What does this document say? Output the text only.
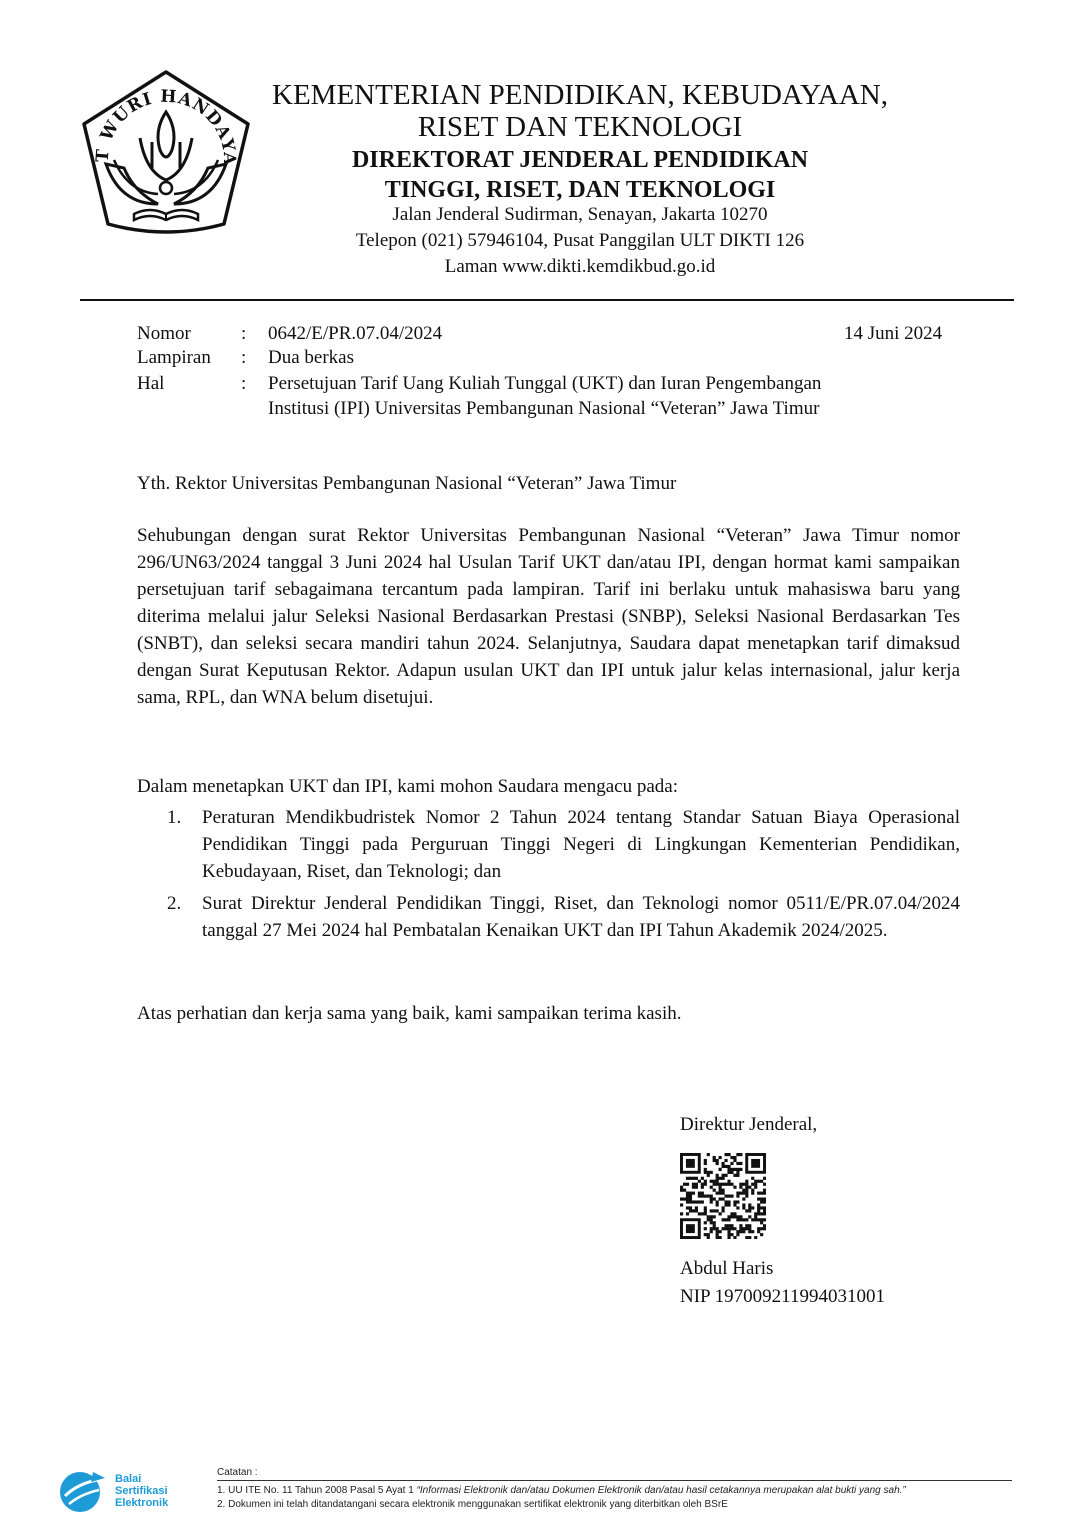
T WURI HANDAYA
KEMENTERIAN PENDIDIKAN, KEBUDAYAAN,
RISET DAN TEKNOLOGI
DIREKTORAT JENDERAL PENDIDIKAN
TINGGI, RISET, DAN TEKNOLOGI
Jalan Jenderal Sudirman, Senayan, Jakarta 10270
Telepon (021) 57946104, Pusat Panggilan ULT DIKTI 126
Laman www.dikti.kemdikbud.go.id
Nomor	: 0642/E/PR.07.04/2024	14 Juni 2024
Lampiran : Dua berkas
Hal	: Persetujuan Tarif Uang Kuliah Tunggal (UKT) dan Iuran Pengembangan
Institusi (IPI) Universitas Pembangunan Nasional “Veteran” Jawa Timur
Yth. Rektor Universitas Pembangunan Nasional “Veteran” Jawa Timur
Sehubungan dengan surat Rektor Universitas Pembangunan Nasional “Veteran” Jawa Timur nomor 296/UN63/2024 tanggal 3 Juni 2024 hal Usulan Tarif UKT dan/atau IPI, dengan hormat kami sampaikan persetujuan tarif sebagaimana tercantum pada lampiran. Tarif ini berlaku untuk mahasiswa baru yang diterima melalui jalur Seleksi Nasional Berdasarkan Prestasi (SNBP), Seleksi Nasional Berdasarkan Tes (SNBT), dan seleksi secara mandiri tahun 2024. Selanjutnya, Saudara dapat menetapkan tarif dimaksud dengan Surat Keputusan Rektor. Adapun usulan UKT dan IPI untuk jalur kelas internasional, jalur kerja sama, RPL, dan WNA belum disetujui.
Dalam menetapkan UKT dan IPI, kami mohon Saudara mengacu pada:
1. Peraturan Mendikbudristek Nomor 2 Tahun 2024 tentang Standar Satuan Biaya Operasional Pendidikan Tinggi pada Perguruan Tinggi Negeri di Lingkungan Kementerian Pendidikan, Kebudayaan, Riset, dan Teknologi; dan
2. Surat Direktur Jenderal Pendidikan Tinggi, Riset, dan Teknologi nomor 0511/E/PR.07.04/2024 tanggal 27 Mei 2024 hal Pembatalan Kenaikan UKT dan IPI Tahun Akademik 2024/2025.
Atas perhatian dan kerja sama yang baik, kami sampaikan terima kasih.
Direktur Jenderal,
Abdul Haris
NIP 197009211994031001
Balai
Sertifikasi
Elektronik
Catatan :
1. UU ITE No. 11 Tahun 2008 Pasal 5 Ayat 1 “Informasi Elektronik dan/atau Dokumen Elektronik dan/atau hasil cetakannya merupakan alat bukti yang sah.”
2. Dokumen ini telah ditandatangani secara elektronik menggunakan sertifikat elektronik yang diterbitkan oleh BSrE
